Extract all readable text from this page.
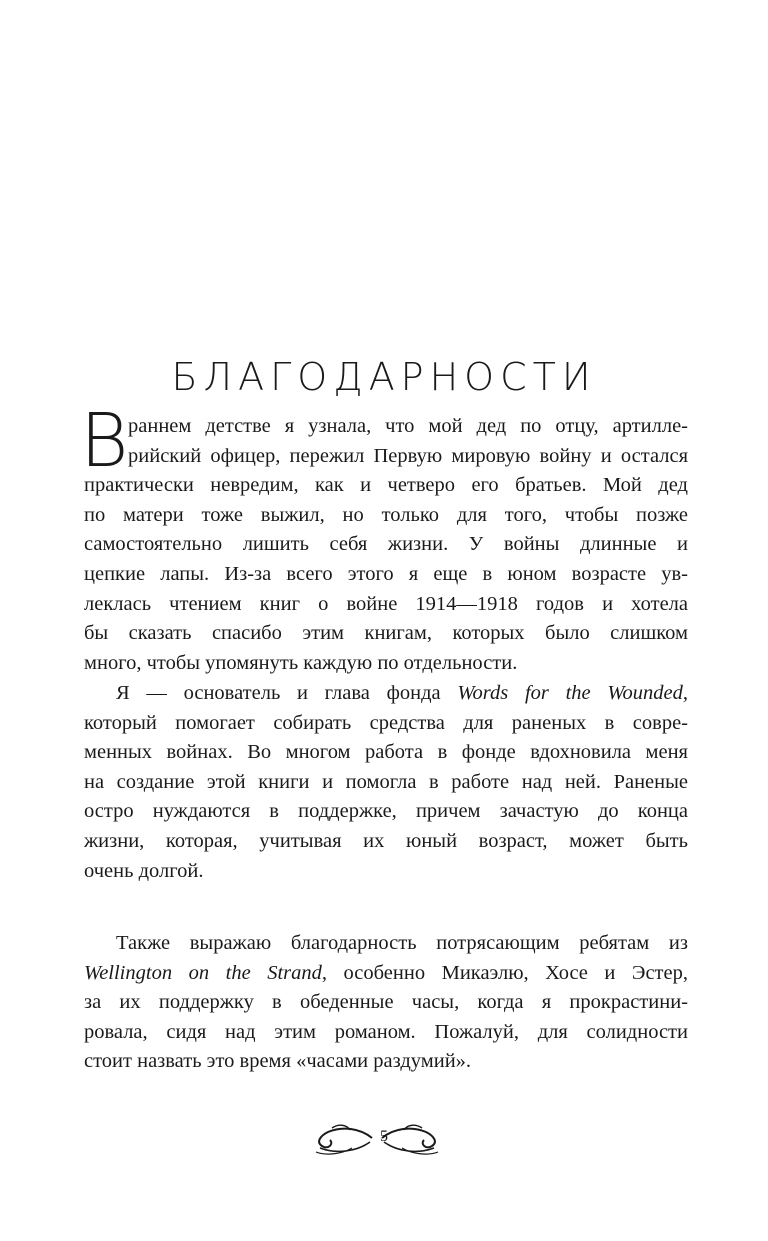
БЛАГОДАРНОСТИ
В раннем детстве я узнала, что мой дед по отцу, артилле-
рийский офицер, пережил Первую мировую войну и остался
практически невредим, как и четверо его братьев. Мой дед
по матери тоже выжил, но только для того, чтобы позже
самостоятельно лишить себя жизни. У войны длинные и
цепкие лапы. Из-за всего этого я еще в юном возрасте ув-
леклась чтением книг о войне 1914—1918 годов и хотела
бы сказать спасибо этим книгам, которых было слишком
много, чтобы упомянуть каждую по отдельности.
Я — основатель и глава фонда Words for the Wounded,
который помогает собирать средства для раненых в совре-
менных войнах. Во многом работа в фонде вдохновила меня
на создание этой книги и помогла в работе над ней. Раненые
остро нуждаются в поддержке, причем зачастую до конца
жизни, которая, учитывая их юный возраст, может быть
очень долгой.
Также выражаю благодарность потрясающим ребятам из
Wellington on the Strand, особенно Микаэлю, Хосе и Эстер,
за их поддержку в обеденные часы, когда я прокрастини-
ровала, сидя над этим романом. Пожалуй, для солидности
стоит назвать это время «часами раздумий».
5
